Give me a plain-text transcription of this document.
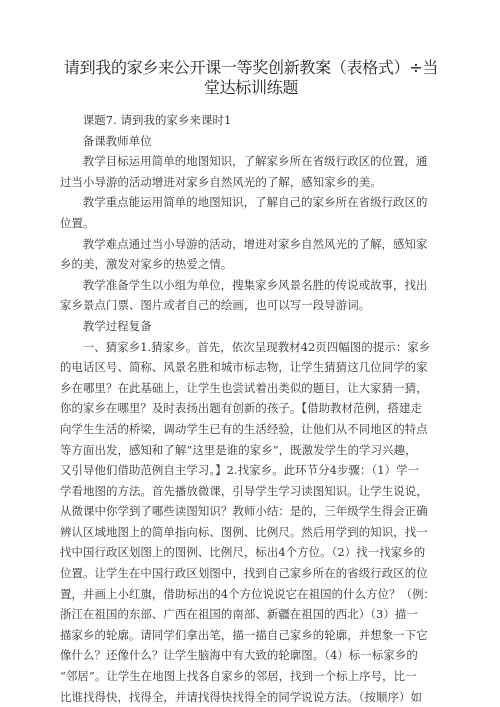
请到我的家乡来公开课一等奖创新教案（表格式）÷当堂达标训练题
课题7. 请到我的家乡来课时1
备课教师单位
教学目标运用简单的地图知识，了解家乡所在省级行政区的位置，通
过当小导游的活动增进对家乡自然风光的了解，感知家乡的美。
教学重点能运用简单的地图知识，了解自己的家乡所在省级行政区的
位置。
教学难点通过当小导游的活动，增进对家乡自然风光的了解，感知家
乡的美，激发对家乡的热爱之情。
教学准备学生以小组为单位，搜集家乡风景名胜的传说或故事，找出
家乡景点门票、图片或者自己的绘画，也可以写一段导游词。
教学过程复备
一、猜家乡1.猜家乡。首先，依次呈现教材42页四幅图的提示：家乡
的电话区号、简称、风景名胜和城市标志物，让学生猜猜这几位同学的家
乡在哪里？在此基础上，让学生也尝试着出类似的题目，让大家猜一猜，
你的家乡在哪里？及时表扬出题有创新的孩子。【借助教材范例，搭建走
向学生生活的桥梁，调动学生已有的生活经验，让他们从不同地区的特点
等方面出发，感知和了解“这里是谁的家乡”，既激发学生的学习兴趣，
又引导他们借助范例自主学习。】2.找家乡。此环节分4步骤：（1）学一
学看地图的方法。首先播放微课，引导学生学习读图知识。让学生说说，
从微课中你学到了哪些读图知识？教师小结：是的，三年级学生得会正确
辨认区域地图上的简单指向标、图例、比例尺。然后用学到的知识，找一
找中国行政区划图上的图例、比例尺，标出4个方位。（2）找一找家乡的
位置。让学生在中国行政区划图中，找到自己家乡所在的省级行政区的位
置，并画上小红旗，借助标出的4个方位说说它在祖国的什么方位？（例：
浙江在祖国的东部、广西在祖国的南部、新疆在祖国的西北）（3）描一
描家乡的轮廓。请同学们拿出笔，描一描自己家乡的轮廓，并想象一下它
像什么？还像什么？让学生脑海中有大致的轮廓图。（4）标一标家乡的
“邻居”。让学生在地图上找各自家乡的邻居，找到一个标上序号，比一
比谁找得快，找得全，并请找得快找得全的同学说说方法。（按顺序）如
